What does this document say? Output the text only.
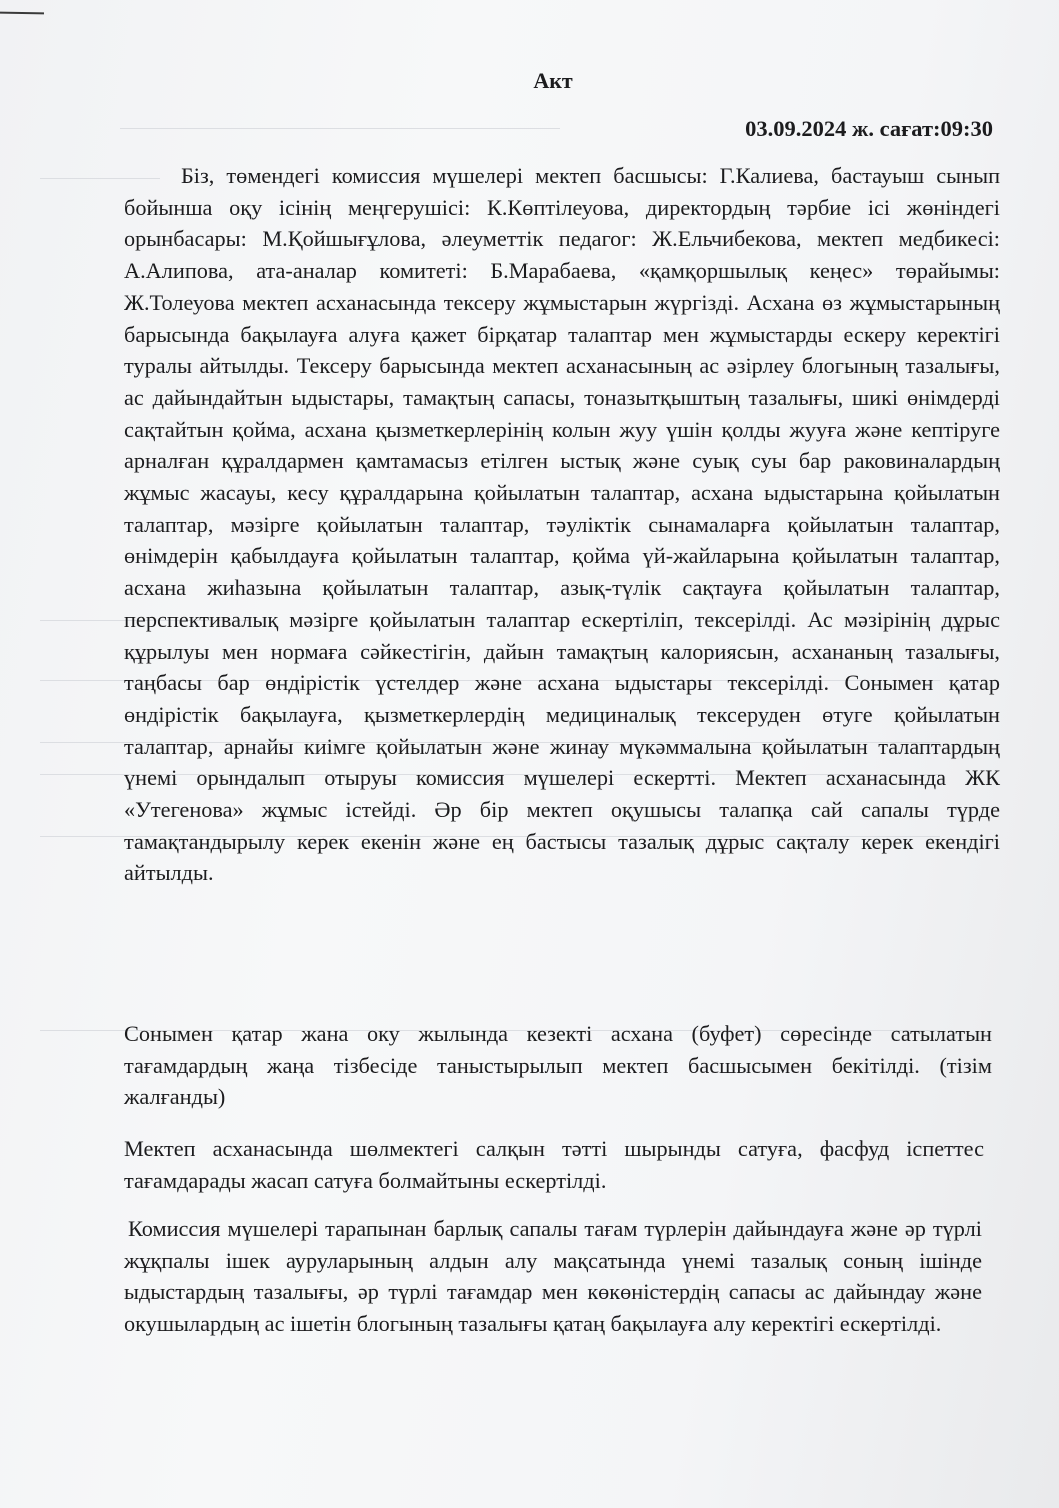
Акт
03.09.2024 ж. сағат:09:30

Біз, төмендегі комиссия мүшелері мектеп басшысы: Г.Калиева, бастауыш сынып бойынша оқу ісінің меңгерушісі: К.Көптілеуова, директордың тәрбие ісі жөніндегі орынбасары: М.Қойшығұлова, әлеуметтік педагог: Ж.Ельчибекова, мектеп медбикесі: А.Алипова, ата-аналар комитеті: Б.Марабаева, «қамқоршылық кеңес» төрайымы: Ж.Толеуова мектеп асханасында тексеру жұмыстарын жүргізді. Асхана өз жұмыстарының барысында бақылауға алуға қажет бірқатар талаптар мен жұмыстарды ескеру керектігі туралы айтылды. Тексеру барысында мектеп асханасының ас әзірлеу блогының тазалығы, ас дайындайтын ыдыстары, тамақтың сапасы, тоназытқыштың тазалығы, шикі өнімдерді сақтайтын қойма, асхана қызметкерлерінің колын жуу үшін қолды жууға және кептіруге арналған құралдармен қамтамасыз етілген ыстық және суық суы бар раковиналардың жұмыс жасауы, кесу құралдарына қойылатын талаптар, асхана ыдыстарына қойылатын талаптар, мәзірге қойылатын талаптар, тәуліктік сынамаларға қойылатын талаптар, өнімдерін қабылдауға қойылатын талаптар, қойма үй-жайларына қойылатын талаптар, асхана жиһазына қойылатын талаптар, азық-түлік сақтауға қойылатын талаптар, перспективалық мәзірге қойылатын талаптар ескертіліп, тексерілді. Ас мәзірінің дұрыс құрылуы мен нормаға сәйкестігін, дайын тамақтың калориясын, асхананың тазалығы, таңбасы бар өндірістік үстелдер және асхана ыдыстары тексерілді. Сонымен қатар өндірістік бақылауға, қызметкерлердің медициналық тексеруден өтуге қойылатын талаптар, арнайы киімге қойылатын және жинау мүкәммалына қойылатын талаптардың үнемі орындалып отыруы комиссия мүшелері ескертті. Мектеп асханасында ЖК «Утегенова» жұмыс істейді. Әр бір мектеп оқушысы талапқа сай сапалы түрде тамақтандырылу керек екенін және ең бастысы тазалық дұрыс сақталу керек екендігі айтылды.

Сонымен қатар жана оку жылында кезекті асхана (буфет) сөресінде сатылатын тағамдардың жаңа тізбесіде таныстырылып мектеп басшысымен бекітілді. (тізім жалғанды)

Мектеп асханасында шөлмектегі салқын тәтті шырынды сатуға, фасфуд іспеттес тағамдарады жасап сатуға болмайтыны ескертілді.

Комиссия мүшелері тарапынан барлық сапалы тағам түрлерін дайындауға және әр түрлі жұқпалы ішек ауруларының алдын алу мақсатында үнемі тазалық соның ішінде ыдыстардың тазалығы, әр түрлі тағамдар мен көкөністердің сапасы ас дайындау және окушылардың ас ішетін блогының тазалығы қатаң бақылауға алу керектігі ескертілді.
